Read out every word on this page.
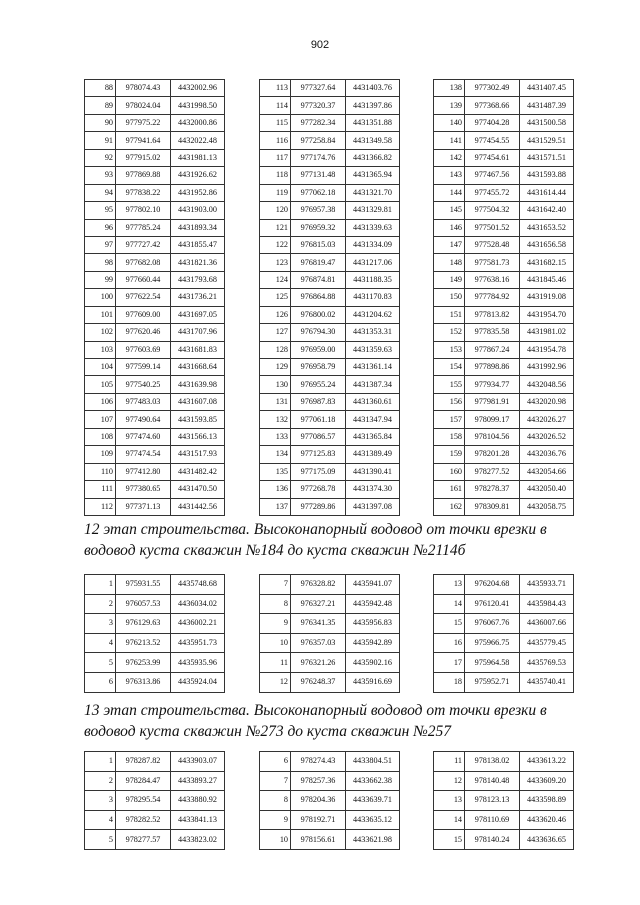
902
88	978074.43	4432002.96
89	978024.04	4431998.50
90	977975.22	4432000.86
91	977941.64	4432022.48
92	977915.02	4431981.13
93	977869.88	4431926.62
94	977838.22	4431952.86
95	977802.10	4431903.00
96	977785.24	4431893.34
97	977727.42	4431855.47
98	977682.08	4431821.36
99	977660.44	4431793.68
100	977622.54	4431736.21
101	977609.00	4431697.05
102	977620.46	4431707.96
103	977603.69	4431681.83
104	977599.14	4431668.64
105	977540.25	4431639.98
106	977483.03	4431607.08
107	977490.64	4431593.85
108	977474.60	4431566.13
109	977474.54	4431517.93
110	977412.80	4431482.42
111	977380.65	4431470.50
112	977371.13	4431442.56
113	977327.64	4431403.76
114	977320.37	4431397.86
115	977282.34	4431351.88
116	977258.84	4431349.58
117	977174.76	4431366.82
118	977131.48	4431365.94
119	977062.18	4431321.70
120	976957.38	4431329.81
121	976959.32	4431339.63
122	976815.03	4431334.09
123	976819.47	4431217.06
124	976874.81	4431188.35
125	976864.88	4431170.83
126	976800.02	4431204.62
127	976794.30	4431353.31
128	976959.00	4431359.63
129	976958.79	4431361.14
130	976955.24	4431387.34
131	976987.83	4431360.61
132	977061.18	4431347.94
133	977086.57	4431365.84
134	977125.83	4431389.49
135	977175.09	4431390.41
136	977268.78	4431374.30
137	977289.86	4431397.08
138	977302.49	4431407.45
139	977368.66	4431487.39
140	977404.28	4431500.58
141	977454.55	4431529.51
142	977454.61	4431571.51
143	977467.56	4431593.88
144	977455.72	4431614.44
145	977504.32	4431642.40
146	977501.52	4431653.52
147	977528.48	4431656.58
148	977581.73	4431682.15
149	977638.16	4431845.46
150	977784.92	4431919.08
151	977813.82	4431954.70
152	977835.58	4431981.02
153	977867.24	4431954.78
154	977898.86	4431992.96
155	977934.77	4432048.56
156	977981.91	4432020.98
157	978099.17	4432026.27
158	978104.56	4432026.52
159	978201.28	4432036.76
160	978277.52	4432054.66
161	978278.37	4432050.40
162	978309.81	4432058.75
12 этап строительства. Высоконапорный водовод от точки врезки в
водовод куста скважин №184 до куста скважин №2114б
1	975931.55	4435748.68
2	976057.53	4436034.02
3	976129.63	4436002.21
4	976213.52	4435951.73
5	976253.99	4435935.96
6	976313.86	4435924.04
7	976328.82	4435941.07
8	976327.21	4435942.48
9	976341.35	4435956.83
10	976357.03	4435942.89
11	976321.26	4435902.16
12	976248.37	4435916.69
13	976204.68	4435933.71
14	976120.41	4435984.43
15	976067.76	4436007.66
16	975966.75	4435779.45
17	975964.58	4435769.53
18	975952.71	4435740.41
13 этап строительства. Высоконапорный водовод от точки врезки в
водовод куста скважин №273 до куста скважин №257
1	978287.82	4433903.07
2	978284.47	4433893.27
3	978295.54	4433880.92
4	978282.52	4433841.13
5	978277.57	4433823.02
6	978274.43	4433804.51
7	978257.36	4433662.38
8	978204.36	4433639.71
9	978192.71	4433635.12
10	978156.61	4433621.98
11	978138.02	4433613.22
12	978140.48	4433609.20
13	978123.13	4433598.89
14	978110.69	4433620.46
15	978140.24	4433636.65
